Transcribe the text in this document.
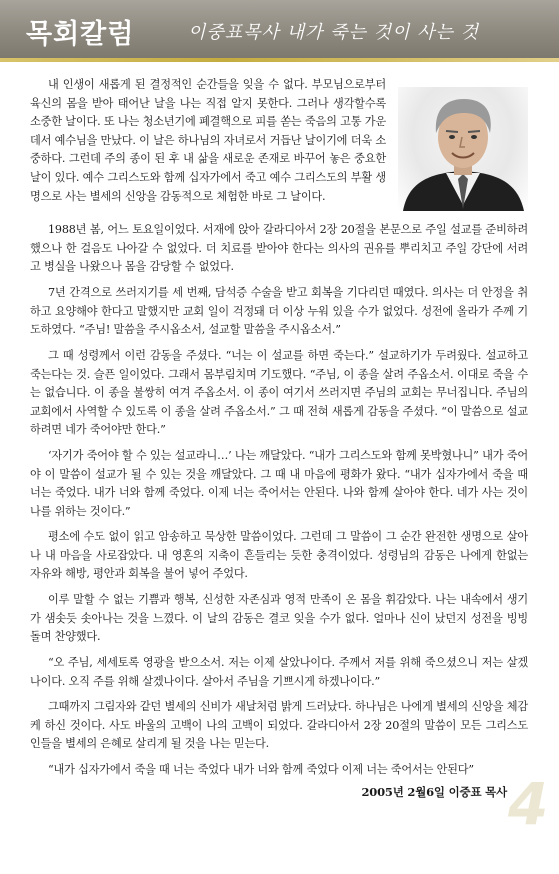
목회칼럼	이중표목사 내가 죽는 것이 사는 것
내 인생이 새롭게 된 결정적인 순간들을 잊을 수 없다. 부모님으로부터 육신의 몸을 받아 태어난 날을 나는 직접 알지 못한다. 그러나 생각할수록 소중한 날이다. 또 나는 청소년기에 폐결핵으로 피를 쏟는 죽음의 고통 가운데서 예수님을 만났다. 이 날은 하나님의 자녀로서 거듭난 날이기에 더욱 소중하다. 그런데 주의 종이 된 후 내 삶을 새로운 존재로 바꾸어 놓은 중요한 날이 있다. 예수 그리스도와 함께 십자가에서 죽고 예수 그리스도의 부활 생명으로 사는 별세의 신앙을 감동적으로 체험한 바로 그 날이다.
1988년 봄, 어느 토요일이었다. 서재에 앉아 갈라디아서 2장 20절을 본문으로 주일 설교를 준비하려 했으나 한 걸음도 나아갈 수 없었다. 더 치료를 받아야 한다는 의사의 권유를 뿌리치고 주일 강단에 서려고 병실을 나왔으나 몸을 감당할 수 없었다.
7년 간격으로 쓰러지기를 세 번째, 담석증 수술을 받고 회복을 기다리던 때였다. 의사는 더 안정을 취하고 요양해야 한다고 말했지만 교회 일이 걱정돼 더 이상 누워 있을 수가 없었다. 성전에 올라가 주께 기도하였다. “주님! 말씀을 주시옵소서, 설교할 말씀을 주시옵소서.”
그 때 성령께서 이런 감동을 주셨다. “너는 이 설교를 하면 죽는다.” 설교하기가 두려웠다. 설교하고 죽는다는 것. 슬픈 일이었다. 그래서 몸부림치며 기도했다. “주님, 이 종을 살려 주옵소서. 이대로 죽을 수는 없습니다. 이 종을 불쌍히 여겨 주옵소서. 이 종이 여기서 쓰러지면 주님의 교회는 무너집니다. 주님의 교회에서 사역할 수 있도록 이 종을 살려 주옵소서.” 그 때 전혀 새롭게 감동을 주셨다. “이 말씀으로 설교하려면 네가 죽어야만 한다.”
‘자기가 죽어야 할 수 있는 설교라니…’ 나는 깨달았다. “내가 그리스도와 함께 못박혔나니” 내가 죽어야 이 말씀이 설교가 될 수 있는 것을 깨달았다. 그 때 내 마음에 평화가 왔다. “내가 십자가에서 죽을 때 너는 죽었다. 내가 너와 함께 죽었다. 이제 너는 죽어서는 안된다. 나와 함께 살아야 한다. 네가 사는 것이 나를 위하는 것이다.”
평소에 수도 없이 읽고 암송하고 묵상한 말씀이었다. 그런데 그 말씀이 그 순간 완전한 생명으로 살아나 내 마음을 사로잡았다. 내 영혼의 지축이 흔들리는 듯한 충격이었다. 성령님의 감동은 나에게 한없는 자유와 해방, 평안과 회복을 불어 넣어 주었다.
이루 말할 수 없는 기쁨과 행복, 신성한 자존심과 영적 만족이 온 몸을 휘감았다. 나는 내속에서 생기가 샘솟듯 솟아나는 것을 느꼈다. 이 날의 감동은 결코 잊을 수가 없다. 얼마나 신이 났던지 성전을 빙빙 돌며 찬양했다.
“오 주님, 세세토록 영광을 받으소서. 저는 이제 살았나이다. 주께서 저를 위해 죽으셨으니 저는 살겠나이다. 오직 주를 위해 살겠나이다. 살아서 주님을 기쁘시게 하겠나이다.”
그때까지 그림자와 같던 별세의 신비가 새날처럼 밝게 드러났다. 하나님은 나에게 별세의 신앙을 체감케 하신 것이다. 사도 바울의 고백이 나의 고백이 되었다. 갈라디아서 2장 20절의 말씀이 모든 그리스도인들을 별세의 은혜로 살리게 될 것을 나는 믿는다.
4
“내가 십자가에서 죽을 때 너는 죽었다 내가 너와 함께 죽었다 이제 너는 죽어서는 안된다”
2005년 2월6일 이중표 목사
